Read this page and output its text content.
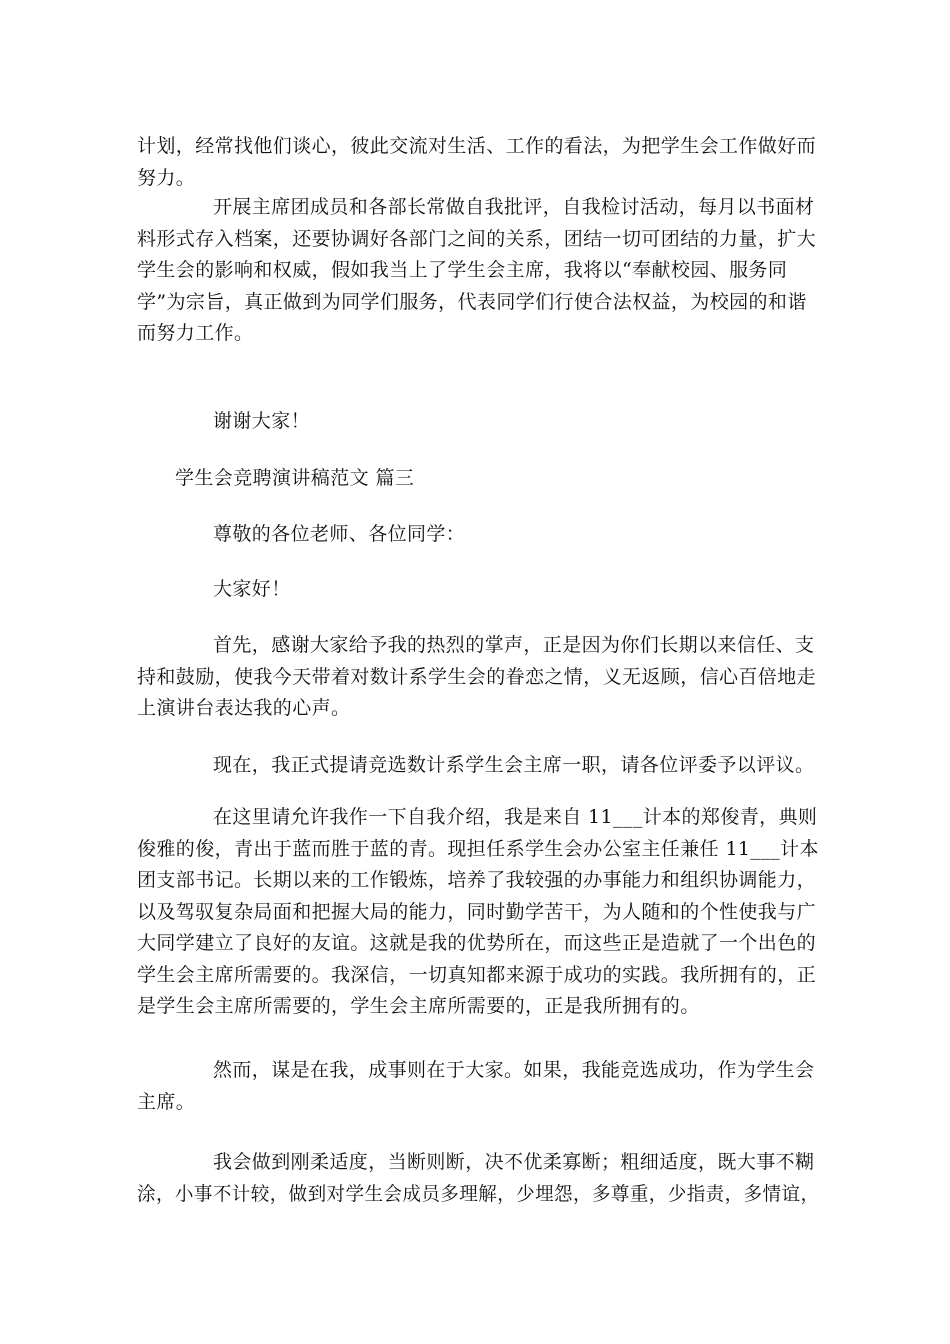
计划，经常找他们谈心，彼此交流对生活、工作的看法，为把学生会工作做好而
努力。
开展主席团成员和各部长常做自我批评，自我检讨活动，每月以书面材
料形式存入档案，还要协调好各部门之间的关系，团结一切可团结的力量，扩大
学生会的影响和权威，假如我当上了学生会主席，我将以“奉献校园、服务同
学”为宗旨，真正做到为同学们服务，代表同学们行使合法权益，为校园的和谐
而努力工作。
谢谢大家！
学生会竞聘演讲稿范文 篇三
尊敬的各位老师、各位同学：
大家好！
首先，感谢大家给予我的热烈的掌声，正是因为你们长期以来信任、支
持和鼓励，使我今天带着对数计系学生会的眷恋之情，义无返顾，信心百倍地走
上演讲台表达我的心声。
现在，我正式提请竞选数计系学生会主席一职，请各位评委予以评议。
在这里请允许我作一下自我介绍，我是来自 11___计本的郑俊青，典则
俊雅的俊，青出于蓝而胜于蓝的青。现担任系学生会办公室主任兼任 11___计本
团支部书记。长期以来的工作锻炼，培养了我较强的办事能力和组织协调能力，
以及驾驭复杂局面和把握大局的能力，同时勤学苦干，为人随和的个性使我与广
大同学建立了良好的友谊。这就是我的优势所在，而这些正是造就了一个出色的
学生会主席所需要的。我深信，一切真知都来源于成功的实践。我所拥有的，正
是学生会主席所需要的，学生会主席所需要的，正是我所拥有的。
然而，谋是在我，成事则在于大家。如果，我能竞选成功，作为学生会
主席。
我会做到刚柔适度，当断则断，决不优柔寡断；粗细适度，既大事不糊
涂，小事不计较，做到对学生会成员多理解，少埋怨，多尊重，少指责，多情谊，
